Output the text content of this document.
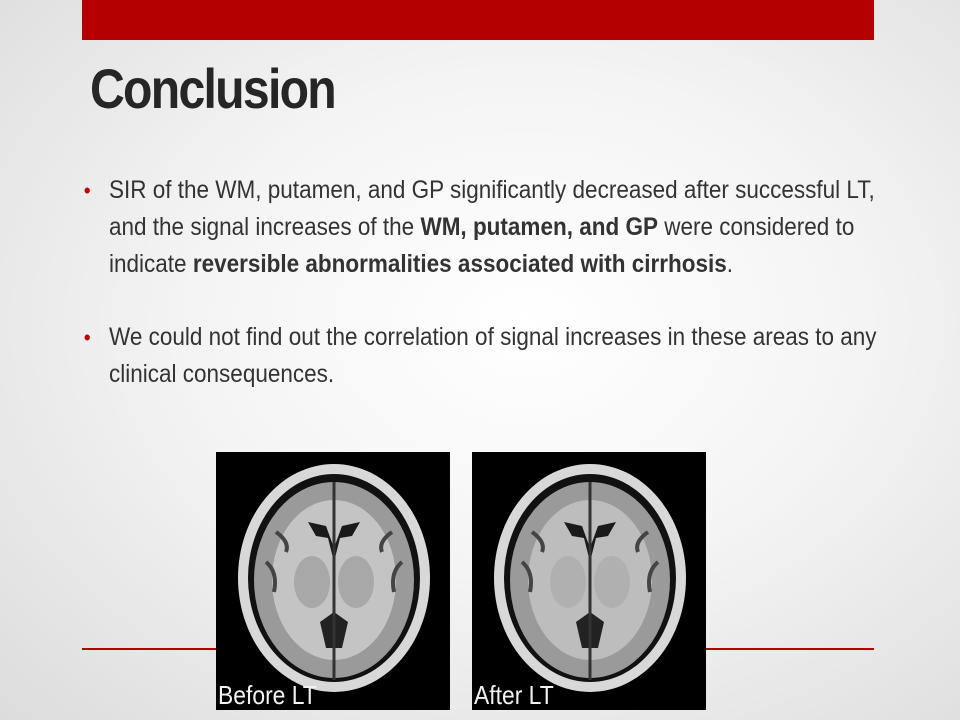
Conclusion
• SIR of the WM, putamen, and GP significantly decreased after successful LT, and the signal increases of the WM, putamen, and GP were considered to indicate reversible abnormalities associated with cirrhosis.
• We could not find out the correlation of signal increases in these areas to any clinical consequences.
Before LT	After LT
